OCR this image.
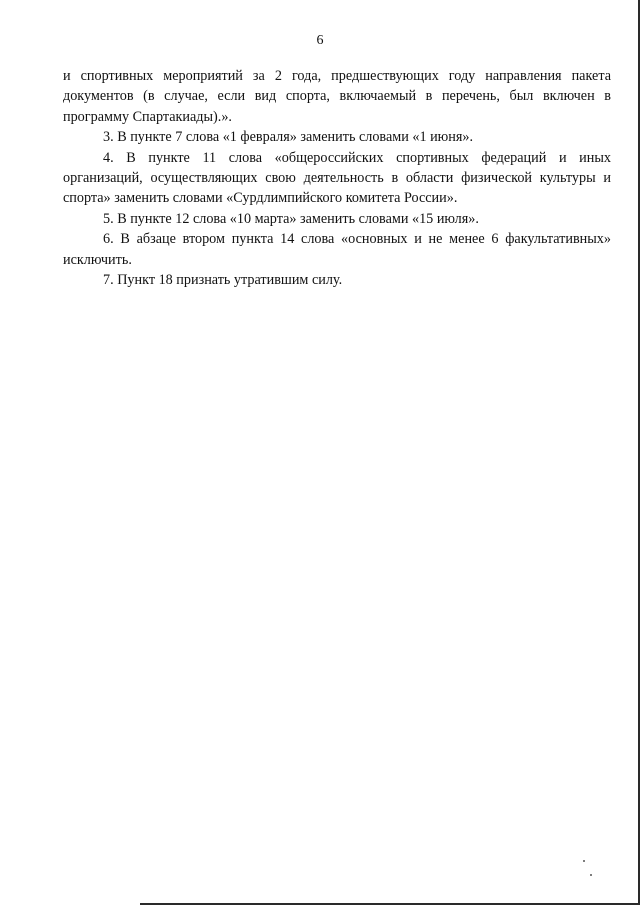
6

и спортивных мероприятий за 2 года, предшествующих году направления пакета документов (в случае, если вид спорта, включаемый в перечень, был включен в программу Спартакиады).».

3. В пункте 7 слова «1 февраля» заменить словами «1 июня».

4. В пункте 11 слова «общероссийских спортивных федераций и иных организаций, осуществляющих свою деятельность в области физической культуры и спорта» заменить словами «Сурдлимпийского комитета России».

5. В пункте 12 слова «10 марта» заменить словами «15 июля».

6. В абзаце втором пункта 14 слова «основных и не менее 6 факультативных» исключить.

7. Пункт 18 признать утратившим силу.
